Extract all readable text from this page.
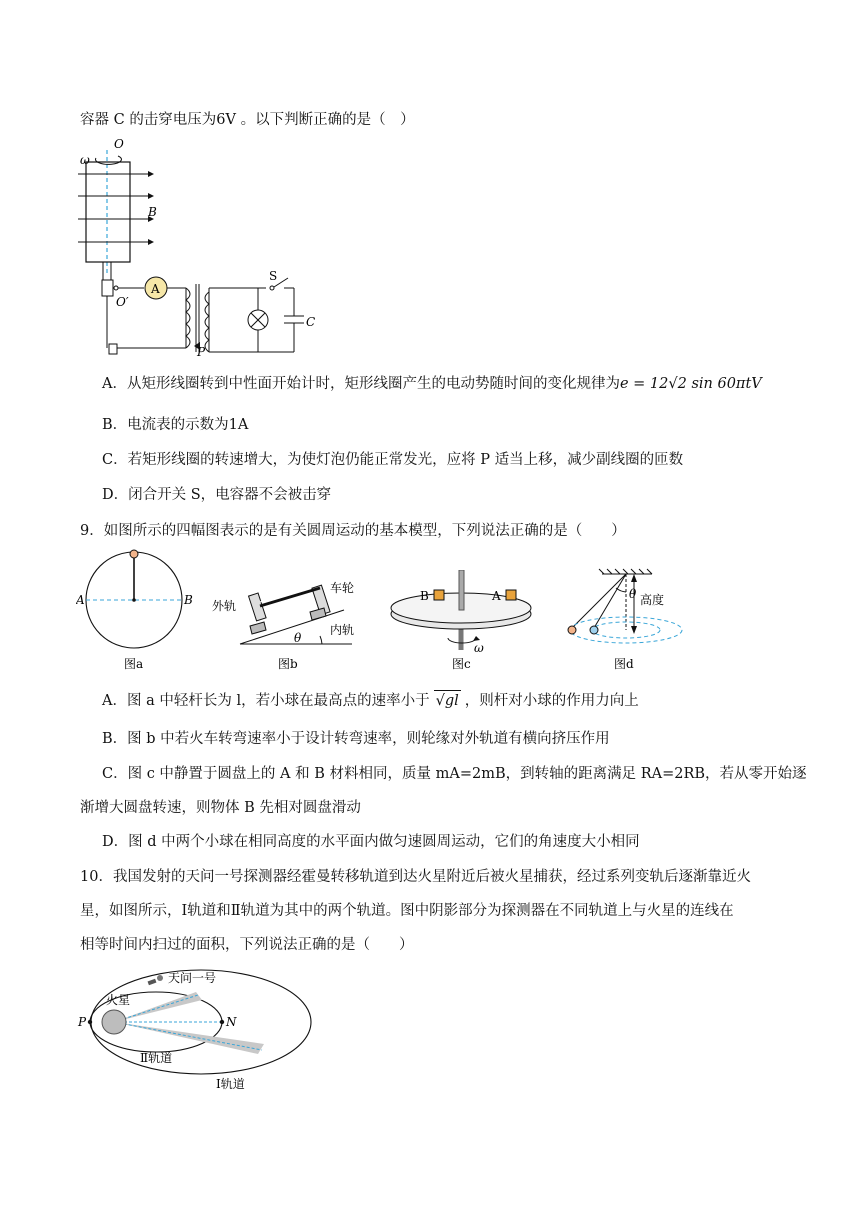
容器 C 的击穿电压为6V 。以下判断正确的是（　）
ω
O
B
O′
A
P
S
C
A．从矩形线圈转到中性面开始计时，矩形线圈产生的电动势随时间的变化规律为e = 12√2 sin 60πtV
B．电流表的示数为1A
C．若矩形线圈的转速增大，为使灯泡仍能正常发光，应将 P 适当上移，减少副线圈的匝数
D．闭合开关 S，电容器不会被击穿
9．如图所示的四幅图表示的是有关圆周运动的基本模型，下列说法正确的是（　　）
A	B
图a
θ
外轨
车轮
内轨
图b
B	A
ω
图c
θ 高度
图d
A．图 a 中轻杆长为 l，若小球在最高点的速率小于 √gl ，则杆对小球的作用力向上
B．图 b 中若火车转弯速率小于设计转弯速率，则轮缘对外轨道有横向挤压作用
C．图 c 中静置于圆盘上的 A 和 B 材料相同，质量 mA=2mB，到转轴的距离满足 RA=2RB，若从零开始逐
渐增大圆盘转速，则物体 B 先相对圆盘滑动
D．图 d 中两个小球在相同高度的水平面内做匀速圆周运动，它们的角速度大小相同
10．我国发射的天问一号探测器经霍曼转移轨道到达火星附近后被火星捕获，经过系列变轨后逐渐靠近火
星，如图所示，Ⅰ轨道和Ⅱ轨道为其中的两个轨道。图中阴影部分为探测器在不同轨道上与火星的连线在
相等时间内扫过的面积，下列说法正确的是（　　）
P	N
火星
天问一号
Ⅱ轨道
Ⅰ轨道
